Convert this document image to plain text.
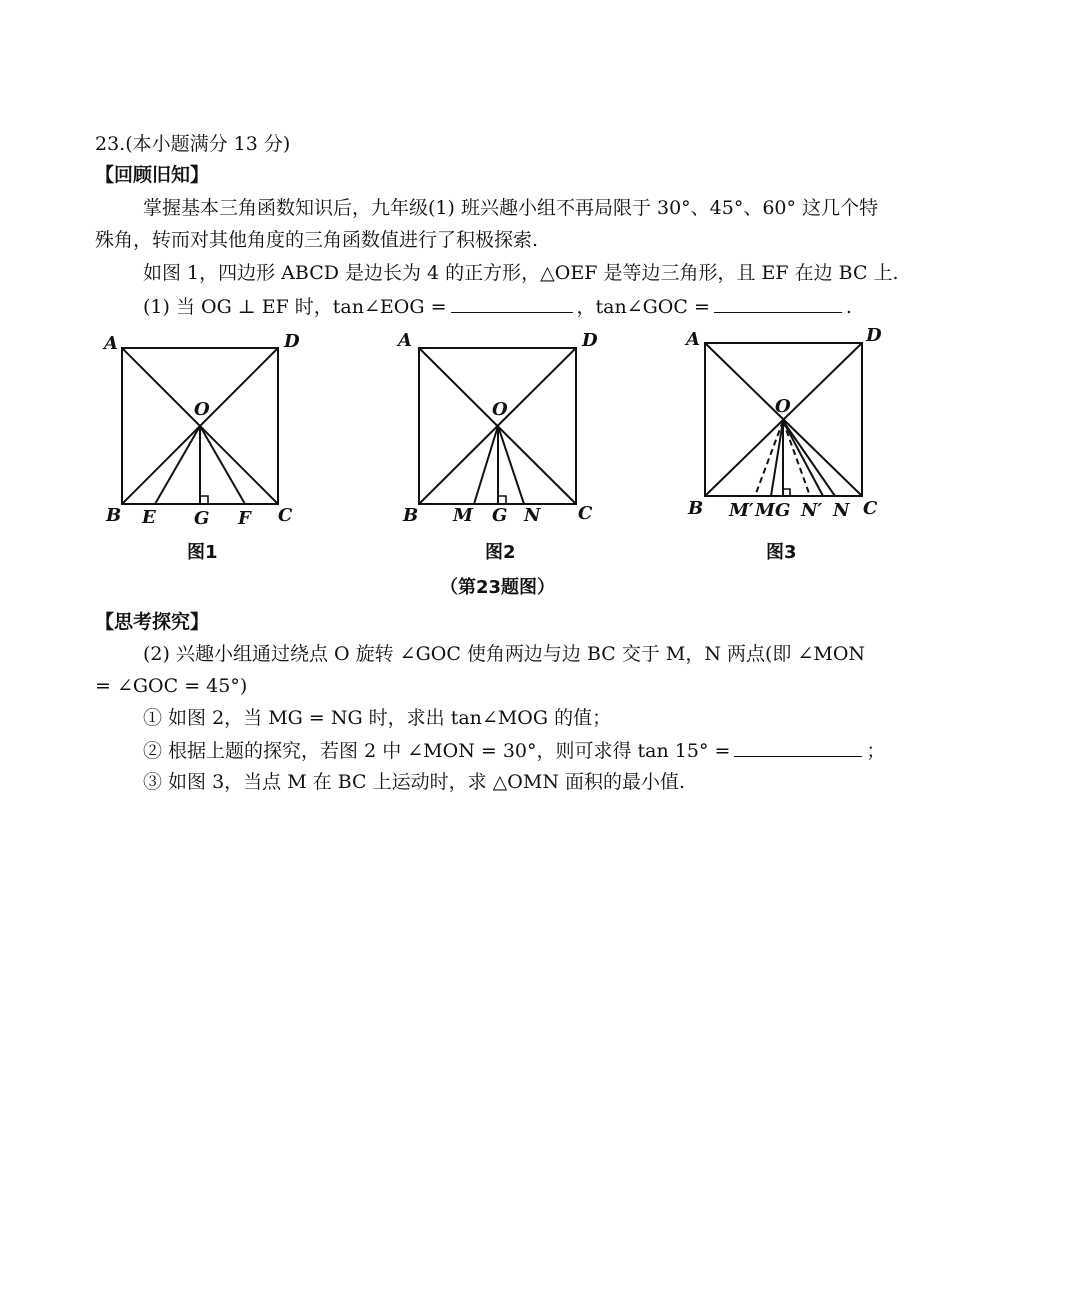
23.(本小题满分 13 分)
【回顾旧知】
掌握基本三角函数知识后，九年级(1) 班兴趣小组不再局限于 30°、45°、60° 这几个特
殊角，转而对其他角度的三角函数值进行了积极探索.
如图 1，四边形 ABCD 是边长为 4 的正方形，△OEF 是等边三角形，且 EF 在边 BC 上.
(1) 当 OG ⊥ EF 时，tan∠EOG =	，tan∠GOC =	.
A	D
O
B E G F C
图1
A	D
O
B M G N C
图2
A	D
O
B M′ M G N′ N C
图3
（第23题图）
【思考探究】
(2) 兴趣小组通过绕点 O 旋转 ∠GOC 使角两边与边 BC 交于 M，N 两点(即 ∠MON
= ∠GOC = 45°)
① 如图 2，当 MG = NG 时，求出 tan∠MOG 的值；
② 根据上题的探究，若图 2 中 ∠MON = 30°，则可求得 tan 15° =	；
③ 如图 3，当点 M 在 BC 上运动时，求 △OMN 面积的最小值.
